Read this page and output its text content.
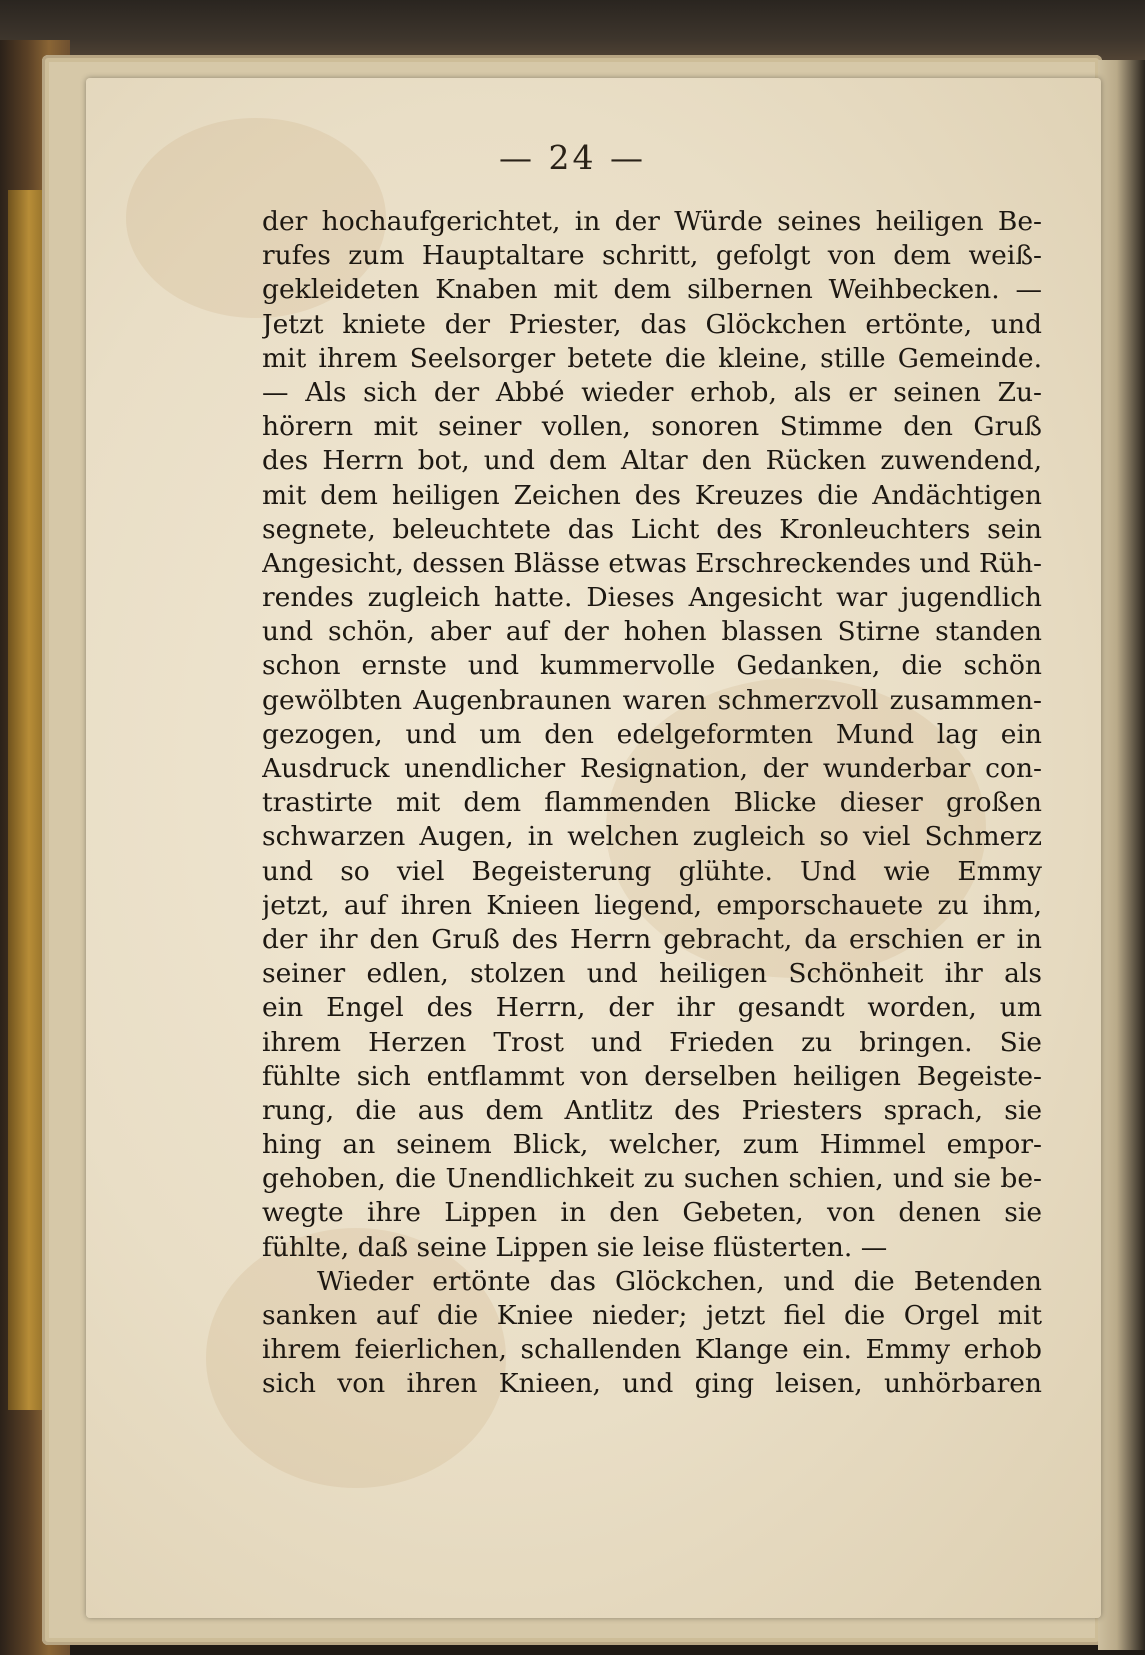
— 24 —
der hochaufgerichtet, in der Würde seines heiligen Be-
rufes zum Hauptaltare schritt, gefolgt von dem weiß-
gekleideten Knaben mit dem silbernen Weihbecken. —
Jetzt kniete der Priester, das Glöckchen ertönte, und
mit ihrem Seelsorger betete die kleine, stille Gemeinde.
— Als sich der Abbé wieder erhob, als er seinen Zu-
hörern mit seiner vollen, sonoren Stimme den Gruß
des Herrn bot, und dem Altar den Rücken zuwendend,
mit dem heiligen Zeichen des Kreuzes die Andächtigen
segnete, beleuchtete das Licht des Kronleuchters sein
Angesicht, dessen Blässe etwas Erschreckendes und Rüh-
rendes zugleich hatte. Dieses Angesicht war jugendlich
und schön, aber auf der hohen blassen Stirne standen
schon ernste und kummervolle Gedanken, die schön
gewölbten Augenbraunen waren schmerzvoll zusammen-
gezogen, und um den edelgeformten Mund lag ein
Ausdruck unendlicher Resignation, der wunderbar con-
trastirte mit dem flammenden Blicke dieser großen
schwarzen Augen, in welchen zugleich so viel Schmerz
und so viel Begeisterung glühte. Und wie Emmy
jetzt, auf ihren Knieen liegend, emporschauete zu ihm,
der ihr den Gruß des Herrn gebracht, da erschien er in
seiner edlen, stolzen und heiligen Schönheit ihr als
ein Engel des Herrn, der ihr gesandt worden, um
ihrem Herzen Trost und Frieden zu bringen. Sie
fühlte sich entflammt von derselben heiligen Begeiste-
rung, die aus dem Antlitz des Priesters sprach, sie
hing an seinem Blick, welcher, zum Himmel empor-
gehoben, die Unendlichkeit zu suchen schien, und sie be-
wegte ihre Lippen in den Gebeten, von denen sie
fühlte, daß seine Lippen sie leise flüsterten. —
Wieder ertönte das Glöckchen, und die Betenden
sanken auf die Kniee nieder; jetzt fiel die Orgel mit
ihrem feierlichen, schallenden Klange ein. Emmy erhob
sich von ihren Knieen, und ging leisen, unhörbaren
